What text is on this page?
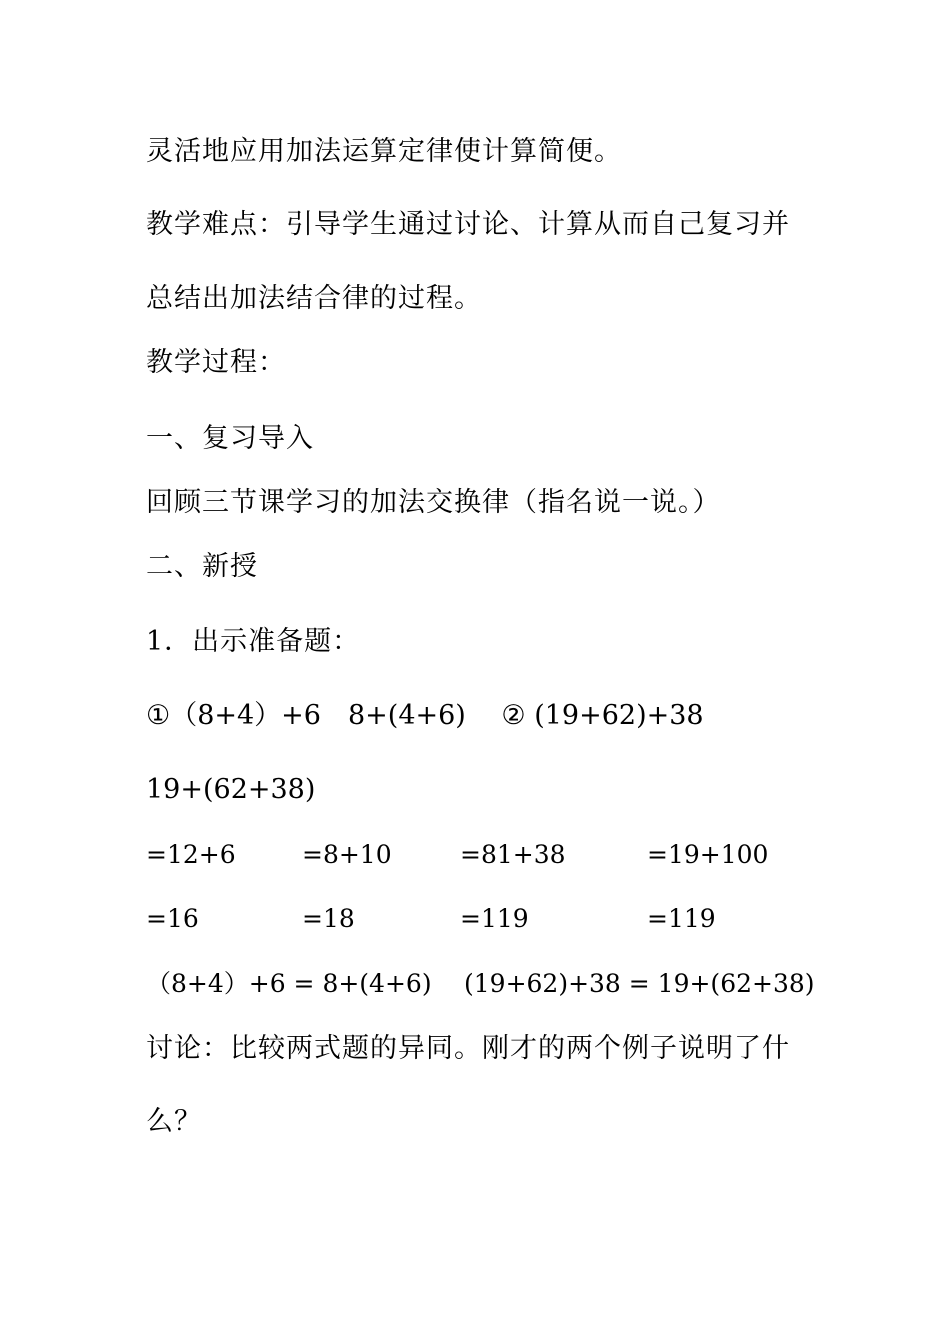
灵活地应用加法运算定律使计算简便。
教学难点：引导学生通过讨论、计算从而自己复习并
总结出加法结合律的过程。
教学过程：
一、复习导入
回顾三节课学习的加法交换律（指名说一说。）
二、新授
1．出示准备题：
①（8+4）+6　8+(4+6)　 ② (19+62)+38
19+(62+38)
=12+6	=8+10	=81+38	=19+100
=16	=18	=119	=119
（8+4）+6 = 8+(4+6) (19+62)+38 = 19+(62+38)
讨论：比较两式题的异同。刚才的两个例子说明了什
么？
